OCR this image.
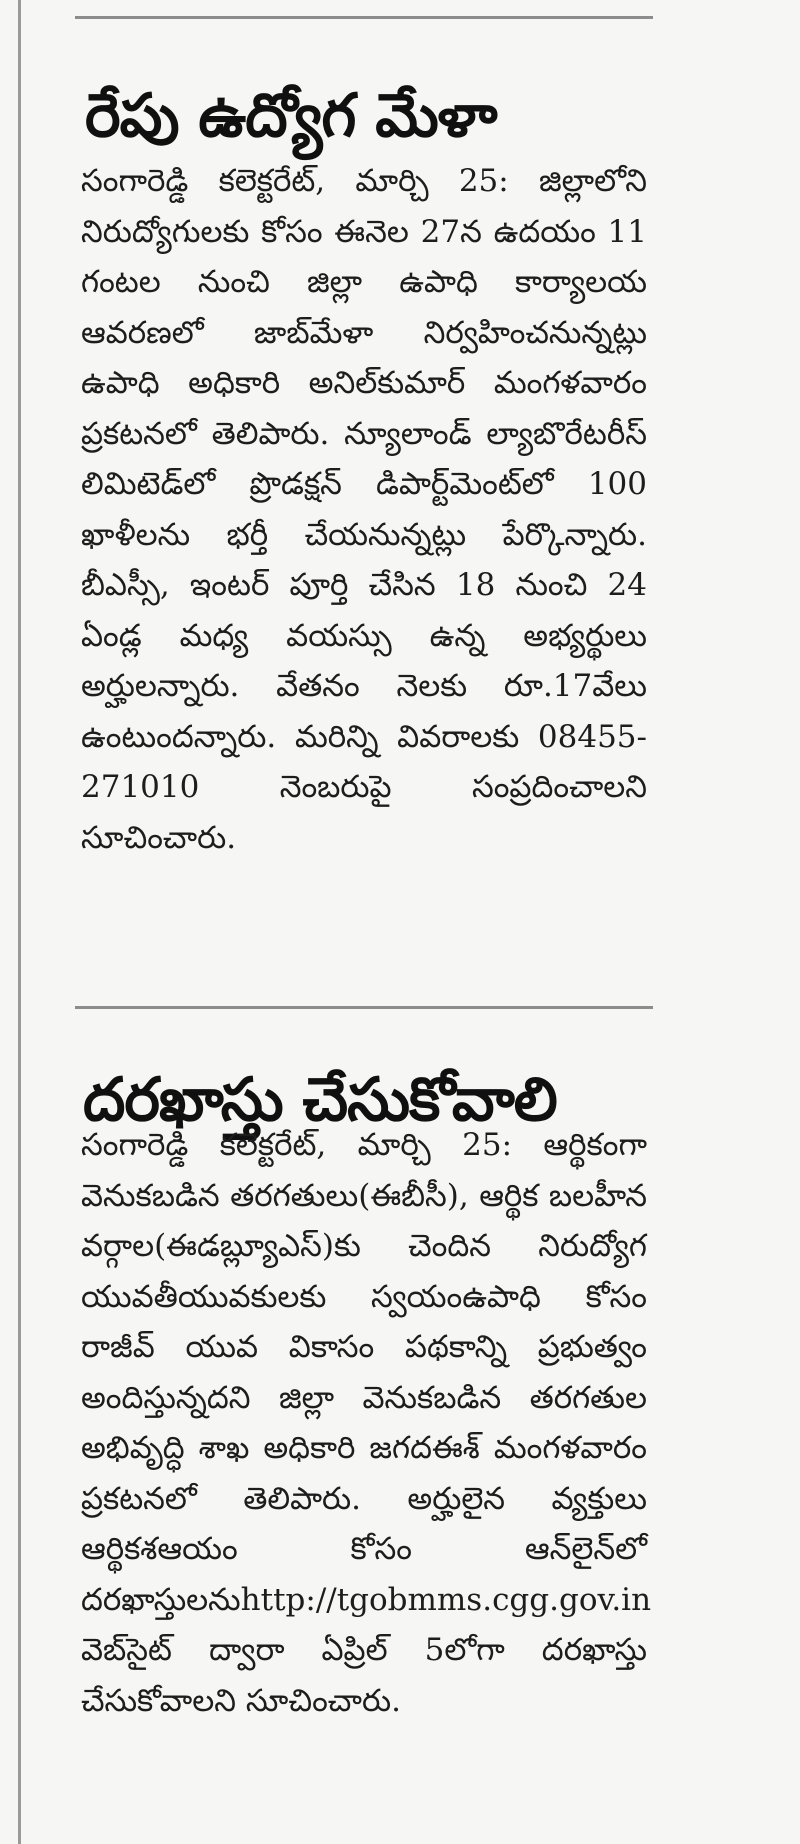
రేపు ఉద్యోగ మేళా

సంగారెడ్డి కలెక్టరేట్, మార్చి 25: జిల్లాలోని నిరుద్యోగులకు కోసం ఈనెల 27న ఉదయం 11 గంటల నుంచి జిల్లా ఉపాధి కార్యాలయ ఆవరణలో జాబ్‌మేళా నిర్వహించనున్నట్లు ఉపాధి అధికారి అనిల్‌కుమార్ మంగళవారం ప్రకటనలో తెలిపారు. న్యూలాండ్ ల్యాబొరేటరీస్ లిమిటెడ్‌లో ప్రొడక్షన్ డిపార్ట్‌మెంట్‌లో 100 ఖాళీలను భర్తీ చేయనున్నట్లు పేర్కొన్నారు. బీఎస్సీ, ఇంటర్ పూర్తి చేసిన 18 నుంచి 24 ఏండ్ల మధ్య వయస్సు ఉన్న అభ్యర్థులు అర్హులన్నారు. వేతనం నెలకు రూ.17వేలు ఉంటుందన్నారు. మరిన్ని వివరాలకు 08455-271010 నెంబరుపై సంప్రదించాలని సూచించారు.

దరఖాస్తు చేసుకోవాలి

సంగారెడ్డి కలెక్టరేట్, మార్చి 25: ఆర్థికంగా వెనుకబడిన తరగతులు(ఈబీసీ), ఆర్థిక బలహీన వర్గాల(ఈడబ్ల్యూఎస్)కు చెందిన నిరుద్యోగ యువతీయువకులకు స్వయంఉపాధి కోసం రాజీవ్ యువ వికాసం పథకాన్ని ప్రభుత్వం అందిస్తున్నదని జిల్లా వెనుకబడిన తరగతుల అభివృద్ధి శాఖ అధికారి జగదఈశ్ మంగళవారం ప్రకటనలో తెలిపారు. అర్హులైన వ్యక్తులు ఆర్థికశఆయం కోసం ఆన్‌లైన్‌లో దరఖాస్తులనుhttp://tgobmms.cgg.gov.in వెబ్‌సైట్ ద్వారా ఏప్రిల్ 5లోగా దరఖాస్తు చేసుకోవాలని సూచించారు.
